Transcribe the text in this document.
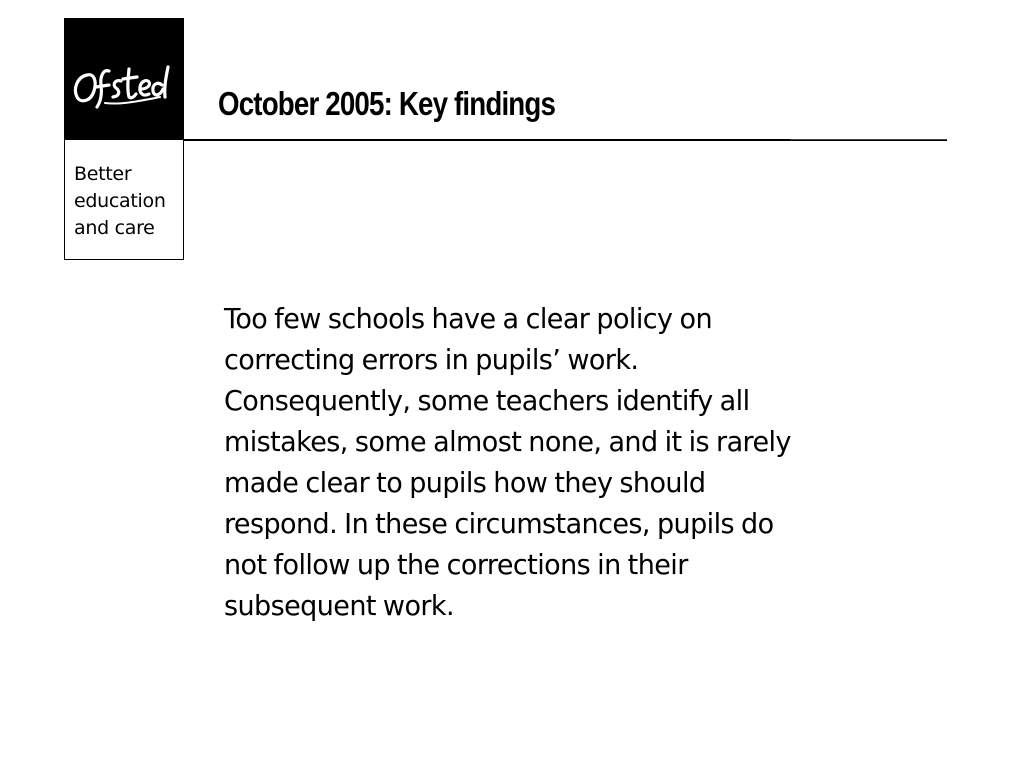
Better
education
and care
October 2005: Key findings

Too few schools have a clear policy on
correcting errors in pupils’ work.
Consequently, some teachers identify all
mistakes, some almost none, and it is rarely
made clear to pupils how they should
respond. In these circumstances, pupils do
not follow up the corrections in their
subsequent work.
